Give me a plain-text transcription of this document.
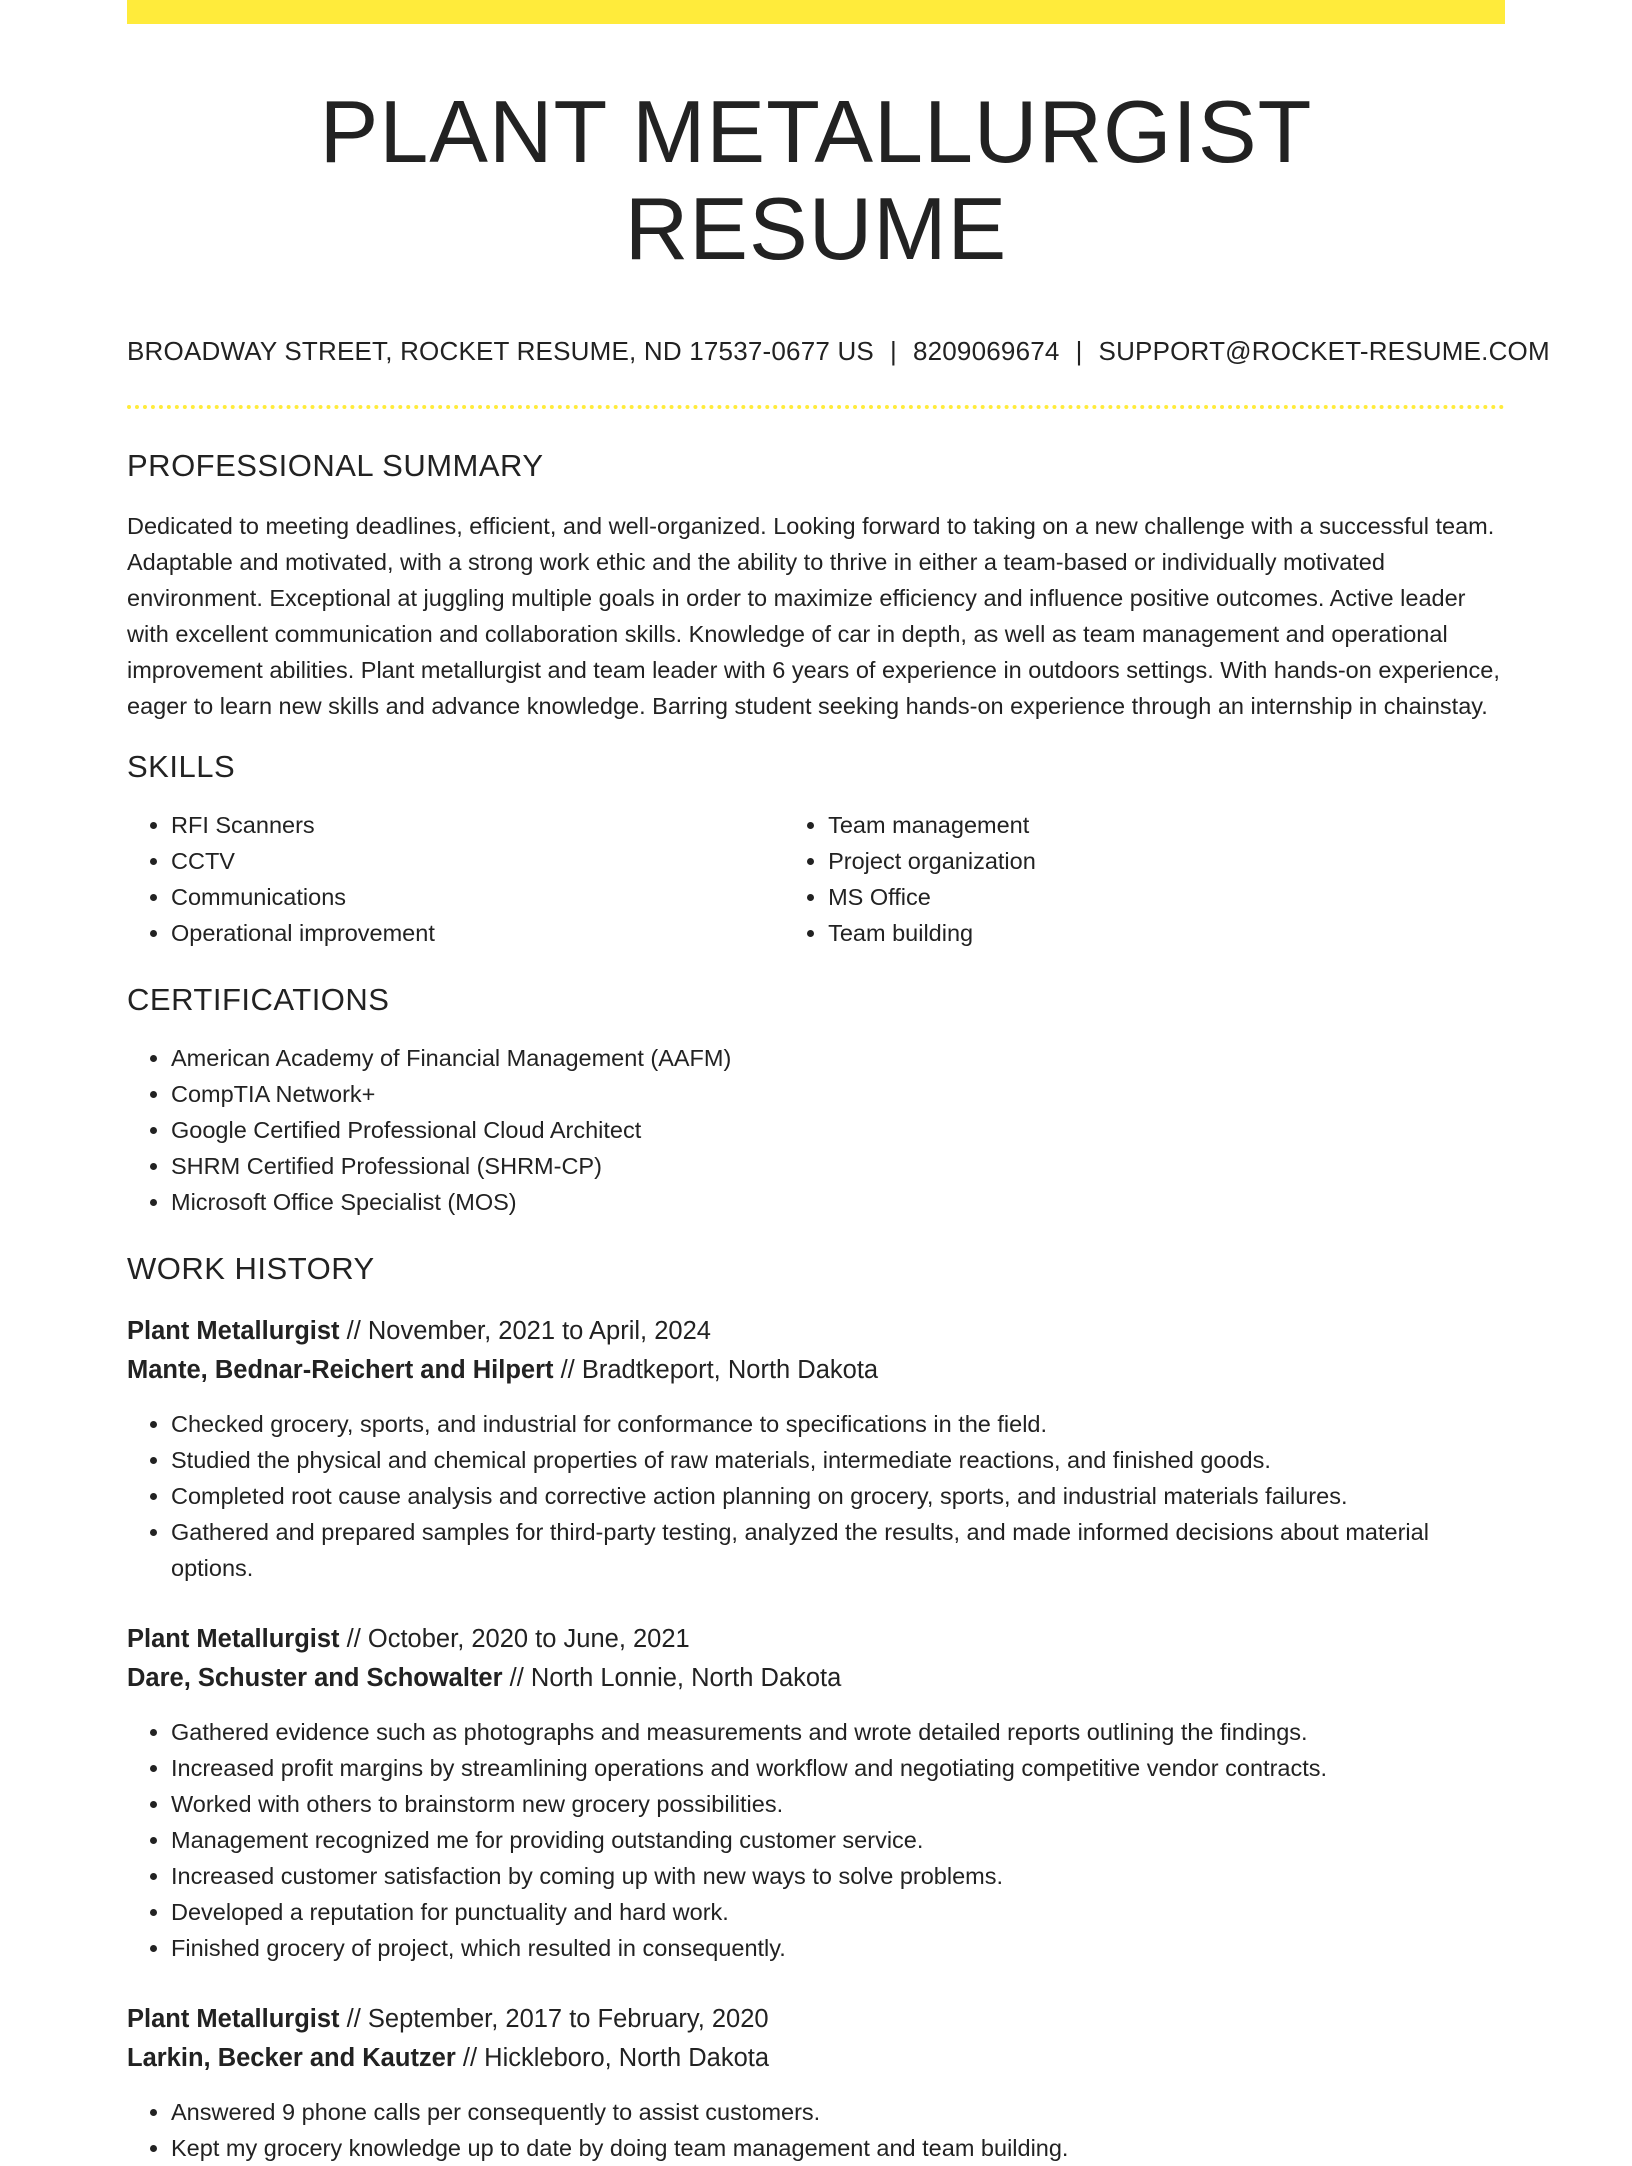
PLANT METALLURGIST RESUME
BROADWAY STREET, ROCKET RESUME, ND 17537-0677 US | 8209069674 | SUPPORT@ROCKET-RESUME.COM
PROFESSIONAL SUMMARY

Dedicated to meeting deadlines, efficient, and well-organized. Looking forward to taking on a new challenge with a successful team. Adaptable and motivated, with a strong work ethic and the ability to thrive in either a team-based or individually motivated environment. Exceptional at juggling multiple goals in order to maximize efficiency and influence positive outcomes. Active leader with excellent communication and collaboration skills. Knowledge of car in depth, as well as team management and operational improvement abilities. Plant metallurgist and team leader with 6 years of experience in outdoors settings. With hands-on experience, eager to learn new skills and advance knowledge. Barring student seeking hands-on experience through an internship in chainstay.

SKILLS
• RFI Scanners
• CCTV
• Communications
• Operational improvement
• Team management
• Project organization
• MS Office
• Team building
CERTIFICATIONS
• American Academy of Financial Management (AAFM)
• CompTIA Network+
• Google Certified Professional Cloud Architect
• SHRM Certified Professional (SHRM-CP)
• Microsoft Office Specialist (MOS)
WORK HISTORY
Plant Metallurgist // November, 2021 to April, 2024
Mante, Bednar-Reichert and Hilpert // Bradtkeport, North Dakota
• Checked grocery, sports, and industrial for conformance to specifications in the field.
• Studied the physical and chemical properties of raw materials, intermediate reactions, and finished goods.
• Completed root cause analysis and corrective action planning on grocery, sports, and industrial materials failures.
• Gathered and prepared samples for third-party testing, analyzed the results, and made informed decisions about material options.
Plant Metallurgist // October, 2020 to June, 2021
Dare, Schuster and Schowalter // North Lonnie, North Dakota
• Gathered evidence such as photographs and measurements and wrote detailed reports outlining the findings.
• Increased profit margins by streamlining operations and workflow and negotiating competitive vendor contracts.
• Worked with others to brainstorm new grocery possibilities.
• Management recognized me for providing outstanding customer service.
• Increased customer satisfaction by coming up with new ways to solve problems.
• Developed a reputation for punctuality and hard work.
• Finished grocery of project, which resulted in consequently.
Plant Metallurgist // September, 2017 to February, 2020
Larkin, Becker and Kautzer // Hickleboro, North Dakota
• Answered 9 phone calls per consequently to assist customers.
• Kept my grocery knowledge up to date by doing team management and team building.
